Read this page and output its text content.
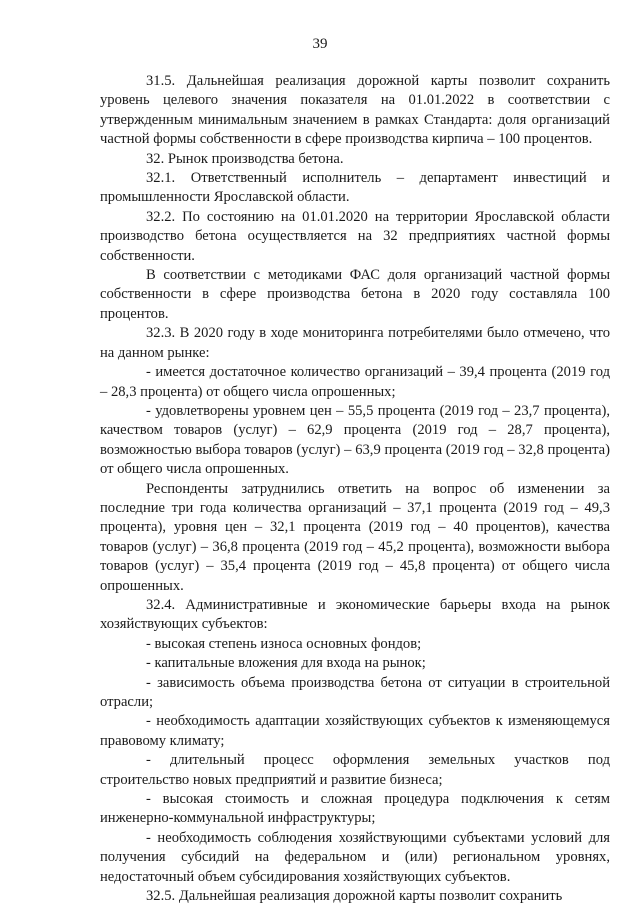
39

31.5. Дальнейшая реализация дорожной карты позволит сохранить уровень целевого значения показателя на 01.01.2022 в соответствии с утвержденным минимальным значением в рамках Стандарта: доля организаций частной формы собственности в сфере производства кирпича – 100 процентов.

32. Рынок производства бетона.

32.1. Ответственный исполнитель – департамент инвестиций и промышленности Ярославской области.

32.2. По состоянию на 01.01.2020 на территории Ярославской области производство бетона осуществляется на 32 предприятиях частной формы собственности.

В соответствии с методиками ФАС доля организаций частной формы собственности в сфере производства бетона в 2020 году составляла 100 процентов.

32.3. В 2020 году в ходе мониторинга потребителями было отмечено, что на данном рынке:

- имеется достаточное количество организаций – 39,4 процента (2019 год – 28,3 процента) от общего числа опрошенных;

- удовлетворены уровнем цен – 55,5 процента (2019 год – 23,7 процента), качеством товаров (услуг) – 62,9 процента (2019 год – 28,7 процента), возможностью выбора товаров (услуг) – 63,9 процента (2019 год – 32,8 процента) от общего числа опрошенных.

Респонденты затруднились ответить на вопрос об изменении за последние три года количества организаций – 37,1 процента (2019 год – 49,3 процента), уровня цен – 32,1 процента (2019 год – 40 процентов), качества товаров (услуг) – 36,8 процента (2019 год – 45,2 процента), возможности выбора товаров (услуг) – 35,4 процента (2019 год – 45,8 процента) от общего числа опрошенных.

32.4. Административные и экономические барьеры входа на рынок хозяйствующих субъектов:

- высокая степень износа основных фондов;

- капитальные вложения для входа на рынок;

- зависимость объема производства бетона от ситуации в строительной отрасли;

- необходимость адаптации хозяйствующих субъектов к изменяющемуся правовому климату;

- длительный процесс оформления земельных участков под строительство новых предприятий и развитие бизнеса;

- высокая стоимость и сложная процедура подключения к сетям инженерно-коммунальной инфраструктуры;

- необходимость соблюдения хозяйствующими субъектами условий для получения субсидий на федеральном и (или) региональном уровнях, недостаточный объем субсидирования хозяйствующих субъектов.

32.5. Дальнейшая реализация дорожной карты позволит сохранить
